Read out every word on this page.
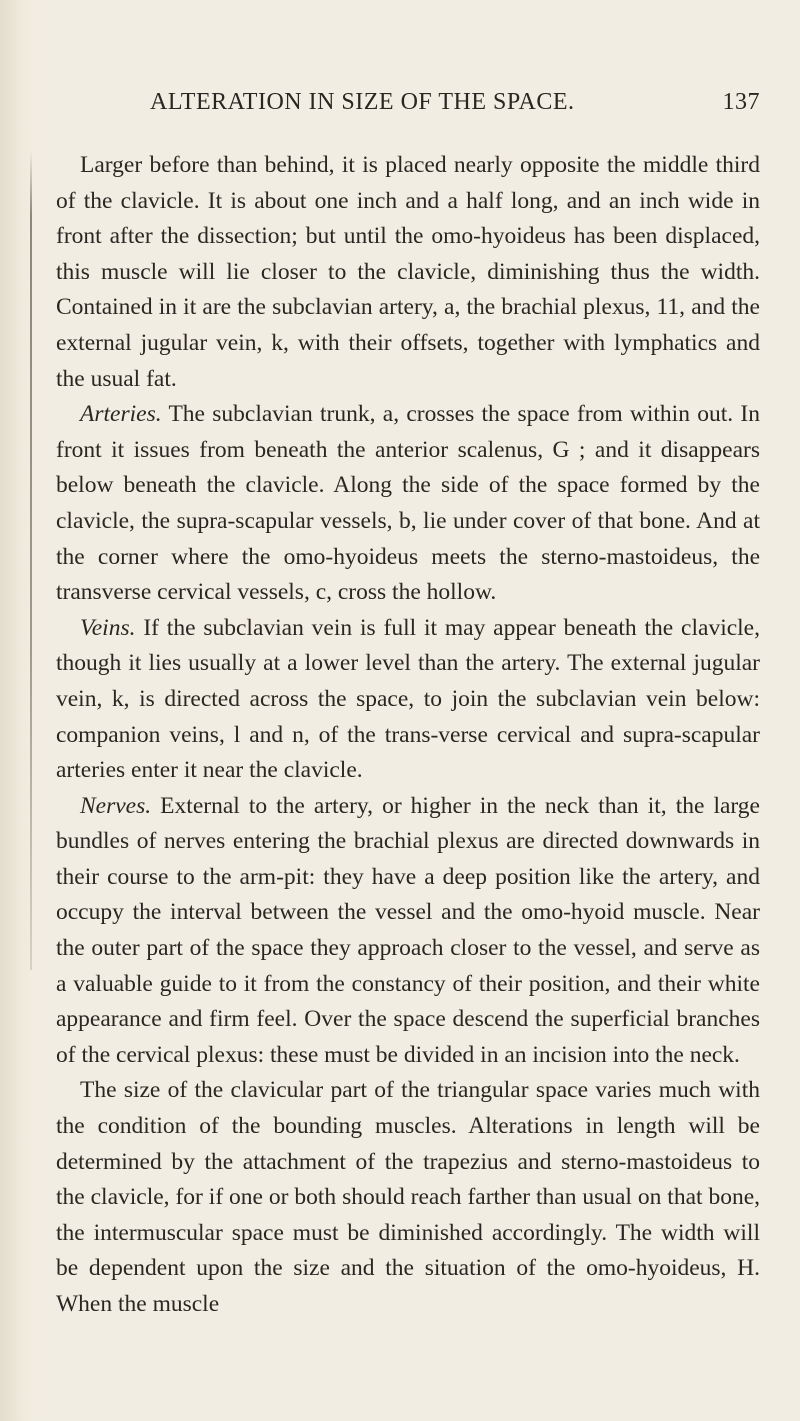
ALTERATION IN SIZE OF THE SPACE.	137

Larger before than behind, it is placed nearly opposite the middle third of the clavicle. It is about one inch and a half long, and an inch wide in front after the dissection; but until the omo-hyoideus has been displaced, this muscle will lie closer to the clavicle, diminishing thus the width. Contained in it are the subclavian artery, a, the brachial plexus, 11, and the external jugular vein, k, with their offsets, together with lymphatics and the usual fat.

Arteries. The subclavian trunk, a, crosses the space from within out. In front it issues from beneath the anterior scalenus, G ; and it disappears below beneath the clavicle. Along the side of the space formed by the clavicle, the supra-scapular vessels, b, lie under cover of that bone. And at the corner where the omo-hyoideus meets the sterno-mastoideus, the transverse cervical vessels, c, cross the hollow.

Veins. If the subclavian vein is full it may appear beneath the clavicle, though it lies usually at a lower level than the artery. The external jugular vein, k, is directed across the space, to join the subclavian vein below: companion veins, l and n, of the trans-verse cervical and supra-scapular arteries enter it near the clavicle.

Nerves. External to the artery, or higher in the neck than it, the large bundles of nerves entering the brachial plexus are directed downwards in their course to the arm-pit: they have a deep position like the artery, and occupy the interval between the vessel and the omo-hyoid muscle. Near the outer part of the space they approach closer to the vessel, and serve as a valuable guide to it from the constancy of their position, and their white appearance and firm feel. Over the space descend the superficial branches of the cervical plexus: these must be divided in an incision into the neck.

The size of the clavicular part of the triangular space varies much with the condition of the bounding muscles. Alterations in length will be determined by the attachment of the trapezius and sterno-mastoideus to the clavicle, for if one or both should reach farther than usual on that bone, the intermuscular space must be diminished accordingly. The width will be dependent upon the size and the situation of the omo-hyoideus, H. When the muscle
